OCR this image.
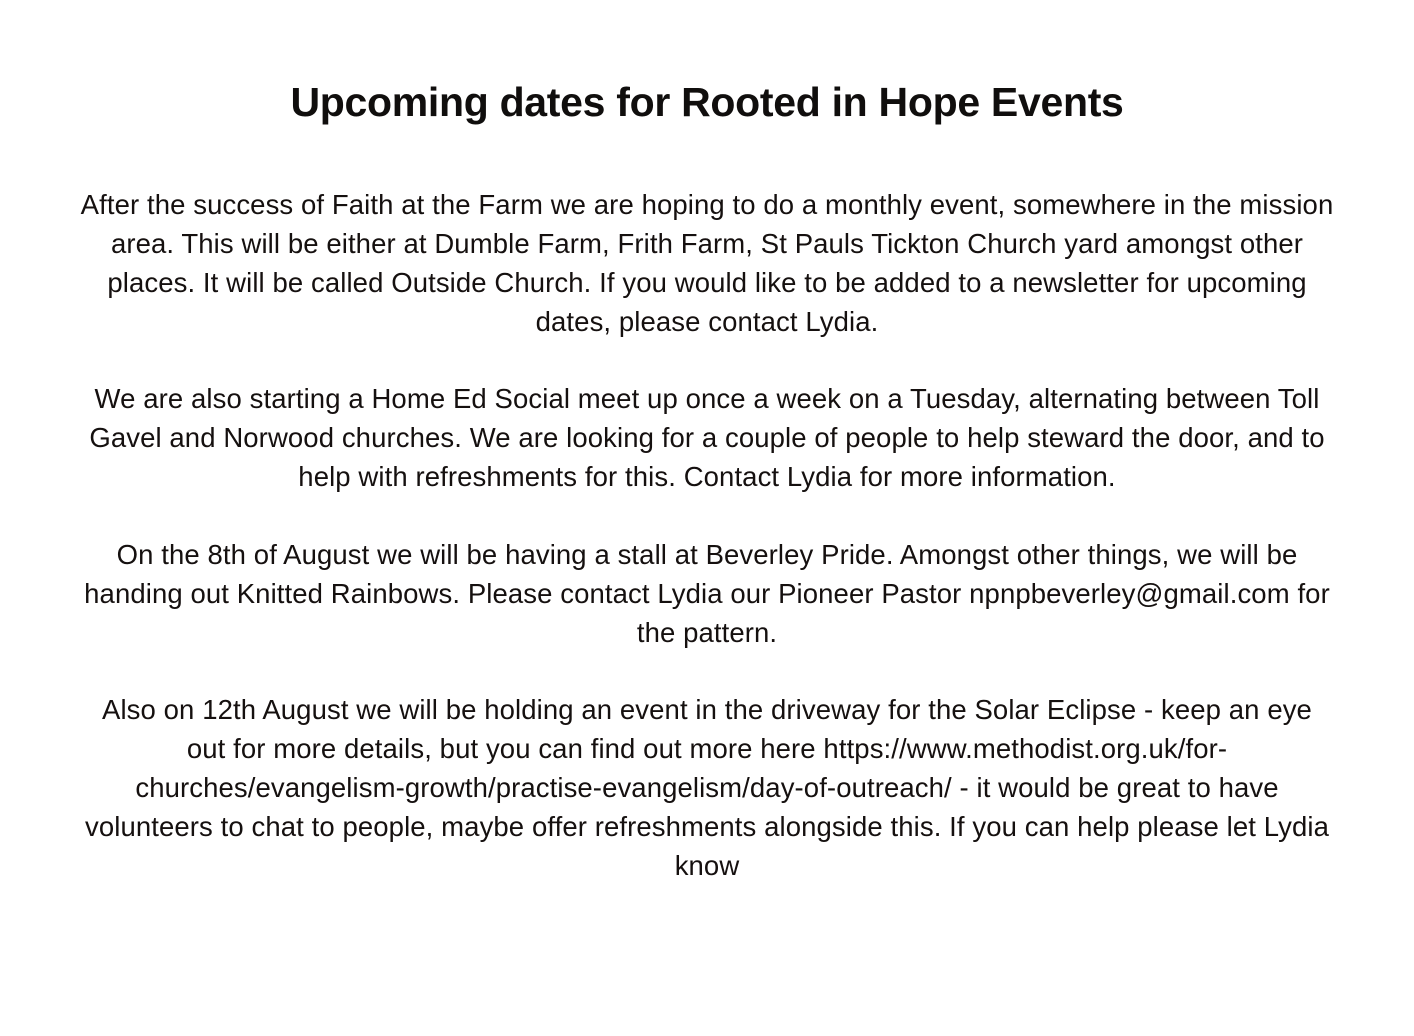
Upcoming dates for Rooted in Hope Events

After the success of Faith at the Farm we are hoping to do a monthly event, somewhere in the mission area. This will be either at Dumble Farm, Frith Farm, St Pauls Tickton Church yard amongst other places. It will be called Outside Church. If you would like to be added to a newsletter for upcoming dates, please contact Lydia.

We are also starting a Home Ed Social meet up once a week on a Tuesday, alternating between Toll Gavel and Norwood churches. We are looking for a couple of people to help steward the door, and to help with refreshments for this. Contact Lydia for more information.

On the 8th of August we will be having a stall at Beverley Pride. Amongst other things, we will be handing out Knitted Rainbows. Please contact Lydia our Pioneer Pastor npnpbeverley@gmail.com for the pattern.

Also on 12th August we will be holding an event in the driveway for the Solar Eclipse - keep an eye out for more details, but you can find out more here https://www.methodist.org.uk/for-churches/evangelism-growth/practise-evangelism/day-of-outreach/ - it would be great to have volunteers to chat to people, maybe offer refreshments alongside this. If you can help please let Lydia know
